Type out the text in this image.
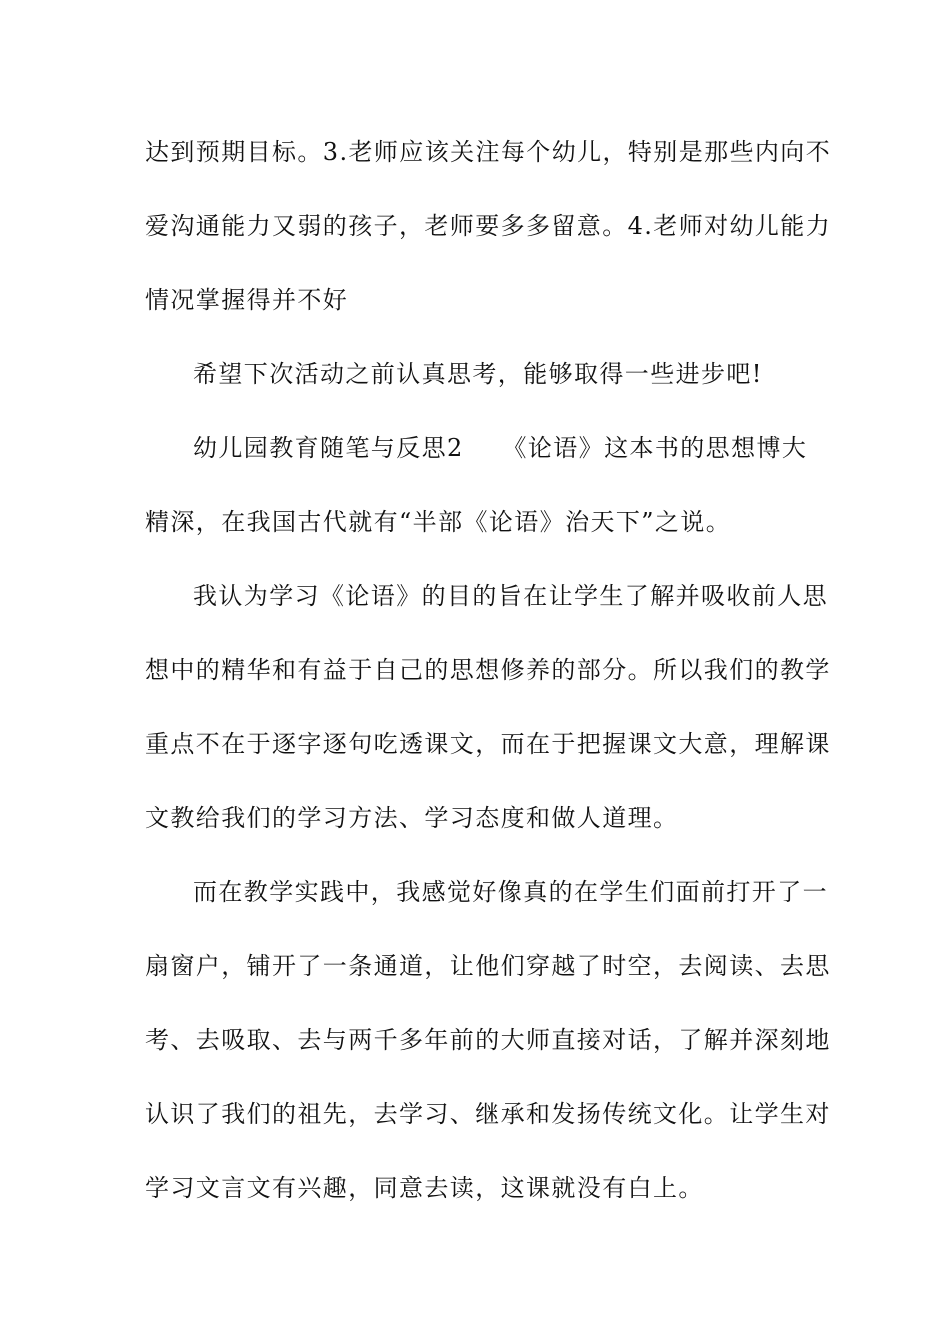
达到预期目标。3.老师应该关注每个幼儿，特别是那些内向不
爱沟通能力又弱的孩子，老师要多多留意。4.老师对幼儿能力
情况掌握得并不好
希望下次活动之前认真思考，能够取得一些进步吧!
幼儿园教育随笔与反思2　　《论语》这本书的思想博大
精深，在我国古代就有“半部《论语》治天下”之说。
我认为学习《论语》的目的旨在让学生了解并吸收前人思
想中的精华和有益于自己的思想修养的部分。所以我们的教学
重点不在于逐字逐句吃透课文，而在于把握课文大意，理解课
文教给我们的学习方法、学习态度和做人道理。
而在教学实践中，我感觉好像真的在学生们面前打开了一
扇窗户，铺开了一条通道，让他们穿越了时空，去阅读、去思
考、去吸取、去与两千多年前的大师直接对话，了解并深刻地
认识了我们的祖先，去学习、继承和发扬传统文化。让学生对
学习文言文有兴趣，同意去读，这课就没有白上。
